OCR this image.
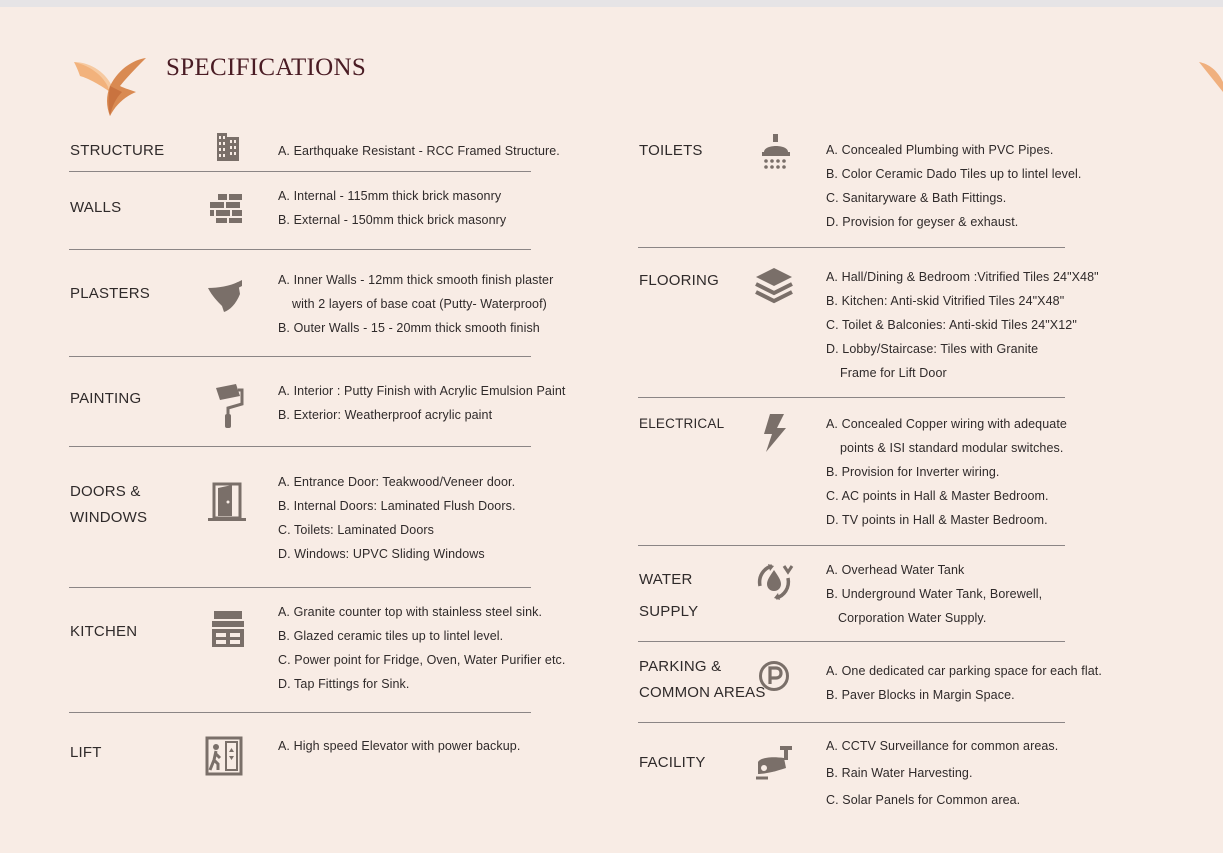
SPECIFICATIONS
STRUCTURE	A. Earthquake Resistant - RCC Framed Structure.
WALLS
A. Internal - 115mm thick brick masonry
B. External - 150mm thick brick masonry
PLASTERS
A. Inner Walls - 12mm thick smooth finish plaster
with 2 layers of base coat (Putty- Waterproof)
B. Outer Walls - 15 - 20mm thick smooth finish
PAINTING	A. Interior : Putty Finish with Acrylic Emulsion Paint
B. Exterior: Weatherproof acrylic paint
DOORS &
WINDOWS
A. Entrance Door: Teakwood/Veneer door.
B. Internal Doors: Laminated Flush Doors.
C. Toilets: Laminated Doors
D. Windows: UPVC Sliding Windows
KITCHEN
A. Granite counter top with stainless steel sink.
B. Glazed ceramic tiles up to lintel level.
C. Power point for Fridge, Oven, Water Purifier etc.
D. Tap Fittings for Sink.
LIFT	A. High speed Elevator with power backup.
TOILETS	A. Concealed Plumbing with PVC Pipes.
B. Color Ceramic Dado Tiles up to lintel level.
C. Sanitaryware & Bath Fittings.
D. Provision for geyser & exhaust.
FLOORING	A. Hall/Dining & Bedroom :Vitrified Tiles 24"X48"
B. Kitchen: Anti-skid Vitrified Tiles 24"X48"
C. Toilet & Balconies: Anti-skid Tiles 24"X12"
D. Lobby/Staircase: Tiles with Granite
Frame for Lift Door
ELECTRICAL	A. Concealed Copper wiring with adequate
points & ISI standard modular switches.
B. Provision for Inverter wiring.
C. AC points in Hall & Master Bedroom.
D. TV points in Hall & Master Bedroom.
WATER
SUPPLY
A. Overhead Water Tank
B. Underground Water Tank, Borewell,
Corporation Water Supply.
PARKING &
COMMON AREAS
A. One dedicated car parking space for each flat.
B. Paver Blocks in Margin Space.
FACILITY
A. CCTV Surveillance for common areas.
B. Rain Water Harvesting.
C. Solar Panels for Common area.
